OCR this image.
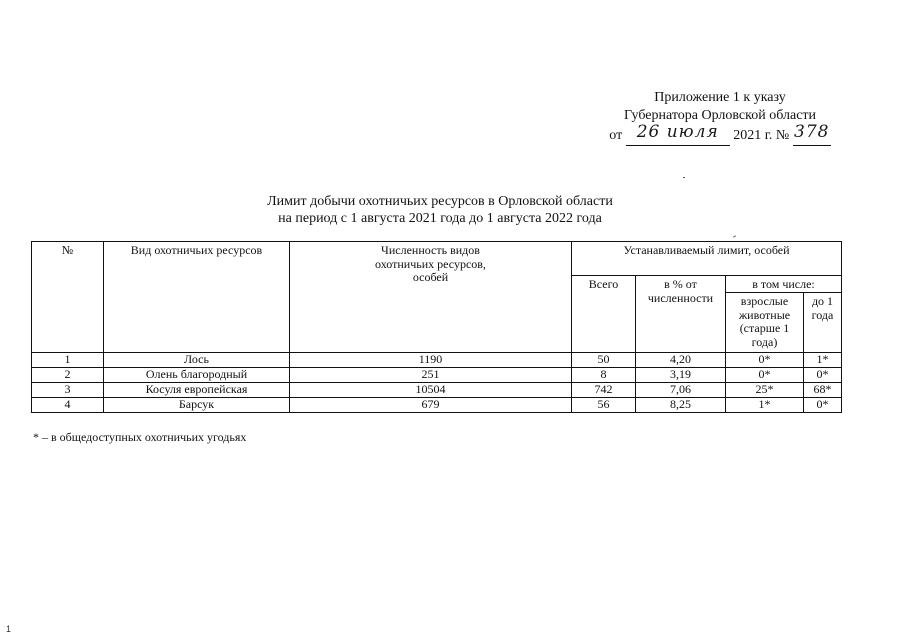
Приложение 1 к указу
Губернатора Орловской области
от 26 июля 2021 г. № 378
Лимит добычи охотничьих ресурсов в Орловской области
на период с 1 августа 2021 года до 1 августа 2022 года
№	Вид охотничьих ресурсов	Численность видов охотничьих ресурсов, особей	Устанавливаемый лимит, особей			
			Всего	в % от численности	в том числе:	
					взрослые животные (старше 1 года)	до 1 года
1	Лось	1190	50	4,20	0*	1*
2	Олень благородный	251	8	3,19	0*	0*
3	Косуля европейская	10504	742	7,06	25*	68*
4	Барсук	679	56	8,25	1*	0*
* – в общедоступных охотничьих угодьях
1
